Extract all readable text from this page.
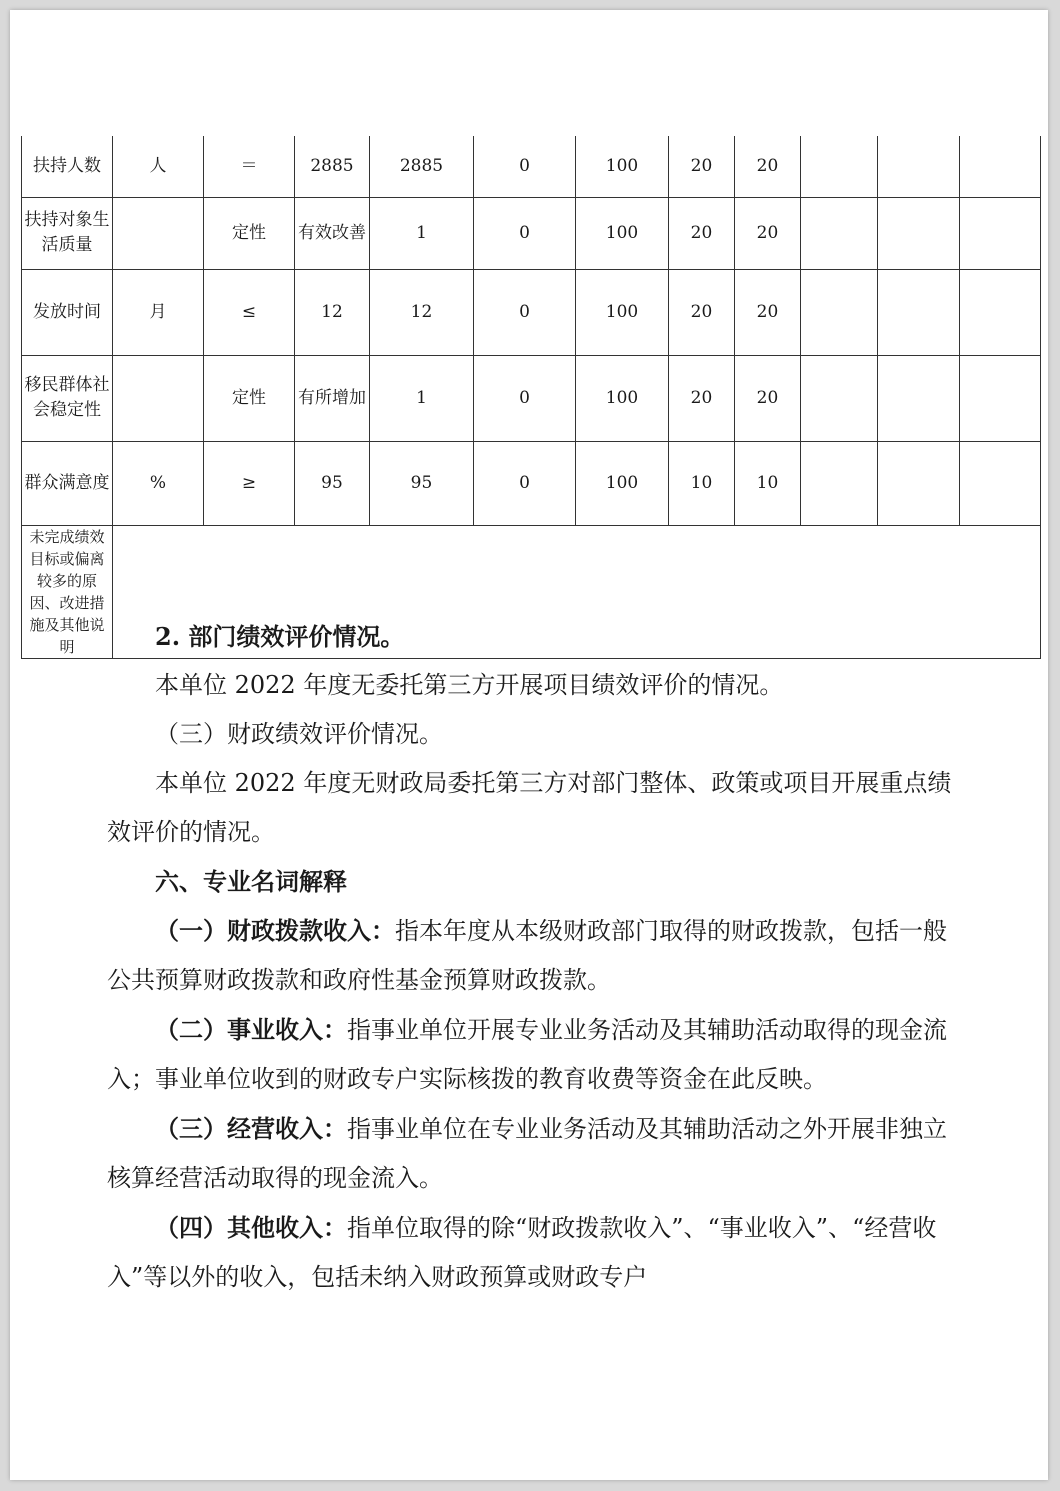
扶持人数	人	＝	2885	2885	0	100	20	20			
扶持对象生活质量		定性	有效改善	1	0	100	20	20			
发放时间	月	≤	12	12	0	100	20	20			
移民群体社会稳定性		定性	有所增加	1	0	100	20	20			
群众满意度	%	≥	95	95	0	100	10	10			
未完成绩效目标或偏离较多的原因、改进措施及其他说明												2. 部门绩效评价情况。

本单位 2022 年度无委托第三方开展项目绩效评价的情况。

（三）财政绩效评价情况。

本单位 2022 年度无财政局委托第三方对部门整体、政策或项目开展重点绩效评价的情况。

六、专业名词解释

（一）财政拨款收入：指本年度从本级财政部门取得的财政拨款，包括一般公共预算财政拨款和政府性基金预算财政拨款。

（二）事业收入：指事业单位开展专业业务活动及其辅助活动取得的现金流入；事业单位收到的财政专户实际核拨的教育收费等资金在此反映。

（三）经营收入：指事业单位在专业业务活动及其辅助活动之外开展非独立核算经营活动取得的现金流入。

（四）其他收入：指单位取得的除“财政拨款收入”、“事业收入”、“经营收入”等以外的收入，包括未纳入财政预算或财政专户
